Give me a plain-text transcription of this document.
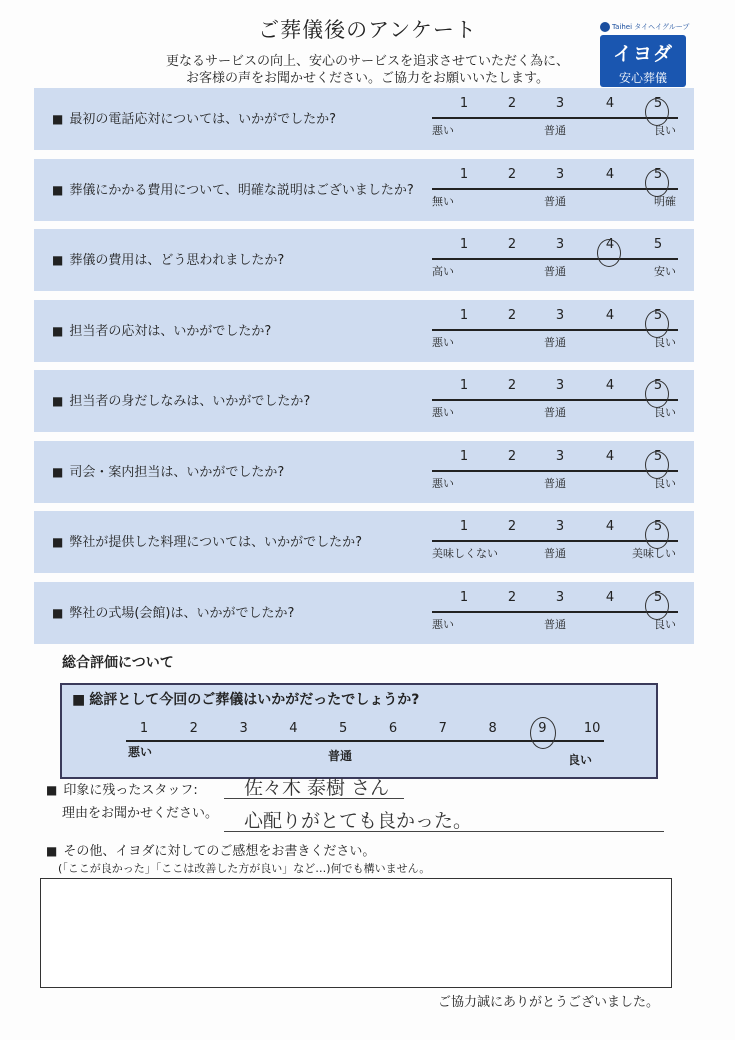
ご葬儀後のアンケート
更なるサービスの向上、安心のサービスを追求させていただく為に、
お客様の声をお聞かせください。ご協力をお願いいたします。
Taihei タイヘイグループ
イヨダ
安心葬儀
■ 最初の電話応対については、いかがでしたか?
悪い	普通	良い
1	2	3	4	5
■ 葬儀にかかる費用について、明確な説明はございましたか?
無い	普通	明確
1	2	3	4	5
■ 葬儀の費用は、どう思われましたか?
高い	普通	安い
1	2	3	4	5
■ 担当者の応対は、いかがでしたか?
悪い	普通	良い
1	2	3	4	5
■ 担当者の身だしなみは、いかがでしたか?
悪い	普通	良い
1	2	3	4	5
■ 司会・案内担当は、いかがでしたか?
悪い	普通	良い
1	2	3	4	5
■ 弊社が提供した料理については、いかがでしたか?
美味しくない	普通	美味しい
1	2	3	4	5
■ 弊社の式場(会館)は、いかがでしたか?
悪い	普通	良い
1	2	3	4	5
総合評価について
■ 総評として今回のご葬儀はいかがだったでしょうか?
悪い	普通	良い
1	2	3	4	5	6	7	8	9	10
■ 印象に残ったスタッフ: 佐々木 泰樹 さん
理由をお聞かせください。 心配りがとても良かった。
■ その他、イヨダに対してのご感想をお書きください。
(「ここが良かった」「ここは改善した方が良い」など…)何でも構いません。
ご協力誠にありがとうございました。
